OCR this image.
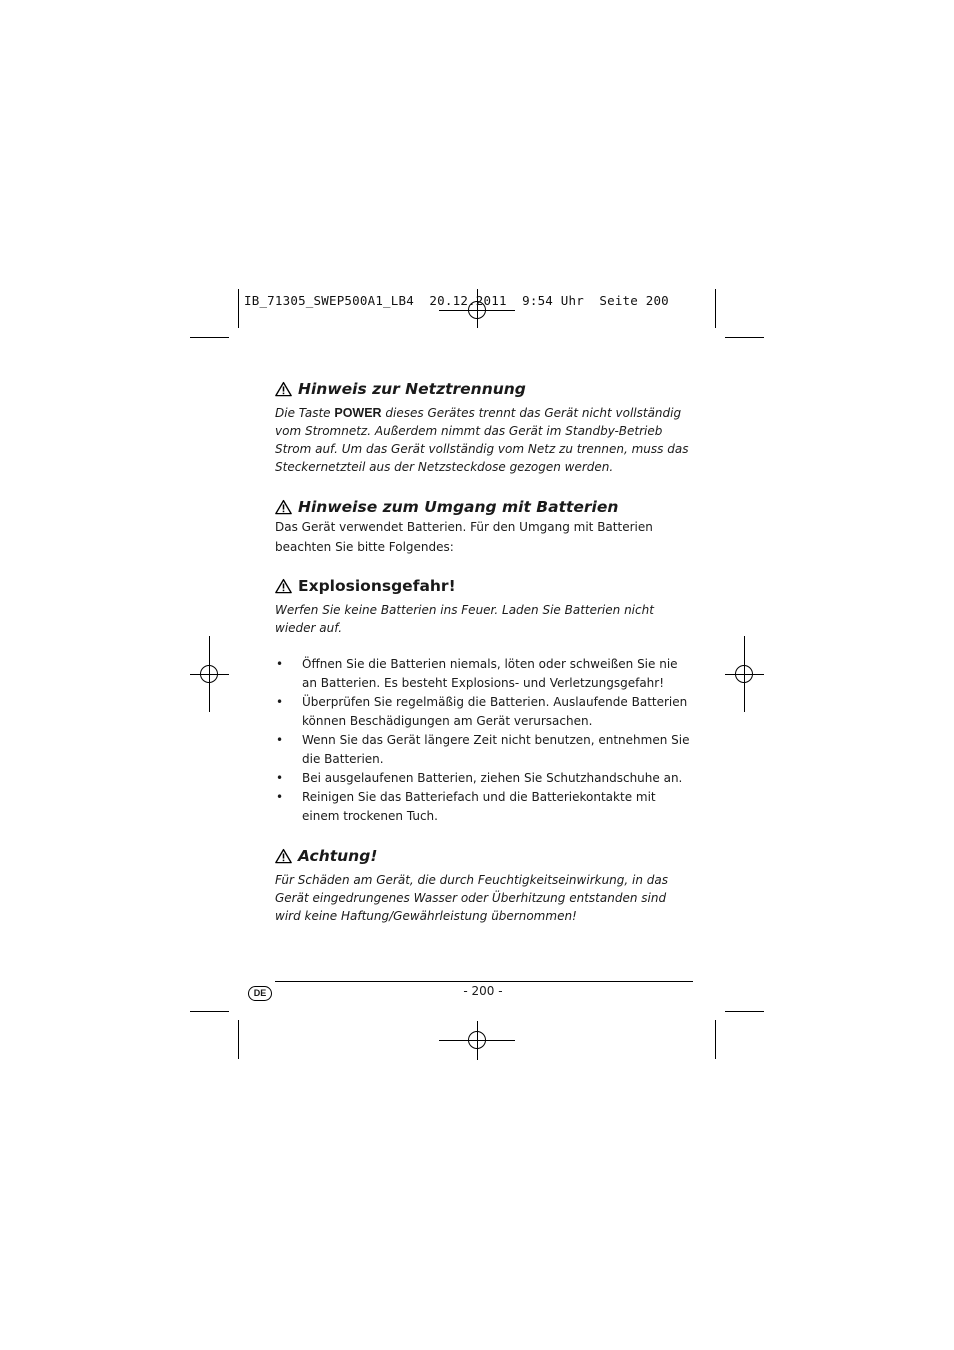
IB_71305_SWEP500A1_LB4  20.12.2011  9:54 Uhr  Seite 200
Hinweis zur Netztrennung

Die Taste POWER dieses Gerätes trennt das Gerät nicht vollständig vom Stromnetz. Außerdem nimmt das Gerät im Standby-Betrieb Strom auf. Um das Gerät vollständig vom Netz zu trennen, muss das Steckernetzteil aus der Netzsteckdose gezogen werden.

Hinweise zum Umgang mit Batterien

Das Gerät verwendet Batterien. Für den Umgang mit Batterien beachten Sie bitte Folgendes:

Explosionsgefahr!

Werfen Sie keine Batterien ins Feuer. Laden Sie Batterien nicht wieder auf.

• Öffnen Sie die Batterien niemals, löten oder schweißen Sie nie an Batterien. Es besteht Explosions- und Verletzungsgefahr!
• Überprüfen Sie regelmäßig die Batterien. Auslaufende Batterien können Beschädigungen am Gerät verursachen.
• Wenn Sie das Gerät längere Zeit nicht benutzen, entnehmen Sie die Batterien.
• Bei ausgelaufenen Batterien, ziehen Sie Schutzhandschuhe an.
• Reinigen Sie das Batteriefach und die Batteriekontakte mit einem trockenen Tuch.
Achtung!

Für Schäden am Gerät, die durch Feuchtigkeitseinwirkung, in das Gerät eingedrungenes Wasser oder Überhitzung entstanden sind wird keine Haftung/Gewährleistung übernommen!

DE	- 200 -
